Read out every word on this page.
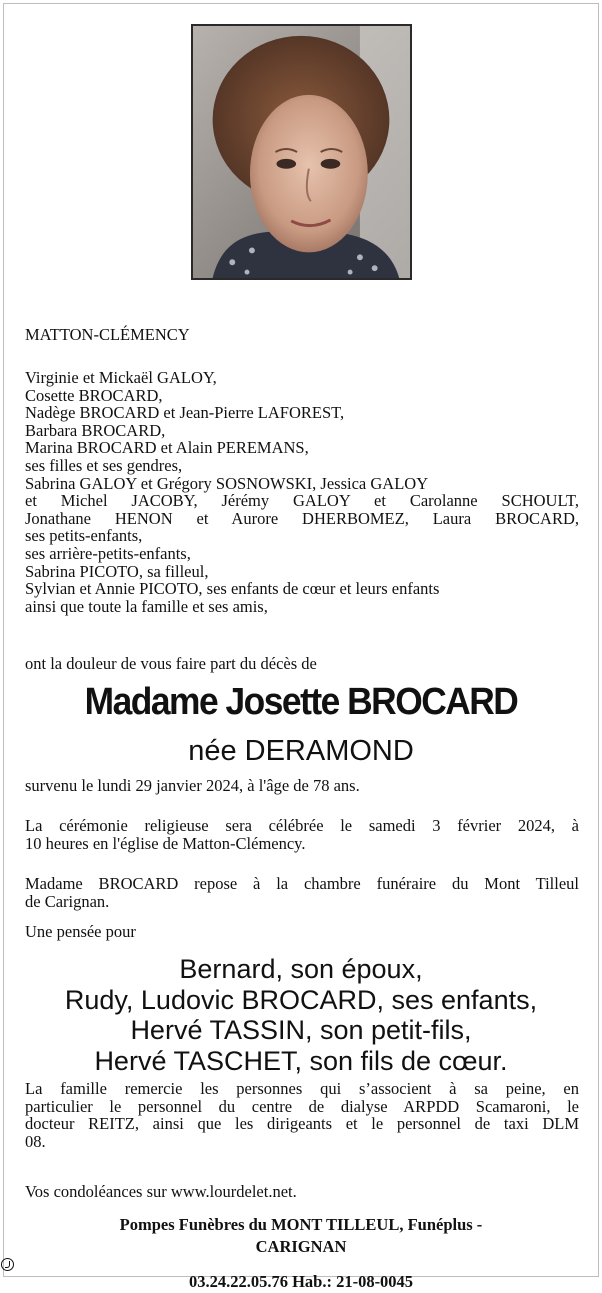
MATTON-CLÉMENCY
Virginie et Mickaël GALOY,
Cosette BROCARD,
Nadège BROCARD et Jean-Pierre LAFOREST,
Barbara BROCARD,
Marina BROCARD et Alain PEREMANS,
ses filles et ses gendres,
Sabrina GALOY et Grégory SOSNOWSKI, Jessica GALOY
et Michel JACOBY, Jérémy GALOY et Carolanne SCHOULT,
Jonathane HENON et Aurore DHERBOMEZ, Laura BROCARD,
ses petits-enfants,
ses arrière-petits-enfants,
Sabrina PICOTO, sa filleul,
Sylvian et Annie PICOTO, ses enfants de cœur et leurs enfants
ainsi que toute la famille et ses amis,
ont la douleur de vous faire part du décès de
Madame Josette BROCARD
née DERAMOND
survenu le lundi 29 janvier 2024, à l'âge de 78 ans.
La cérémonie religieuse sera célébrée le samedi 3 février 2024, à
10 heures en l'église de Matton-Clémency.
Madame BROCARD repose à la chambre funéraire du Mont Tilleul
de Carignan.
Une pensée pour
Bernard, son époux,
Rudy, Ludovic BROCARD, ses enfants,
Hervé TASSIN, son petit-fils,
Hervé TASCHET, son fils de cœur.
La famille remercie les personnes qui s’associent à sa peine, en
particulier le personnel du centre de dialyse ARPDD Scamaroni, le
docteur REITZ, ainsi que les dirigeants et le personnel de taxi DLM
08.
Vos condoléances sur www.lourdelet.net.
Pompes Funèbres du MONT TILLEUL, Funéplus -
CARIGNAN
03.24.22.05.76 Hab.: 21-08-0045
